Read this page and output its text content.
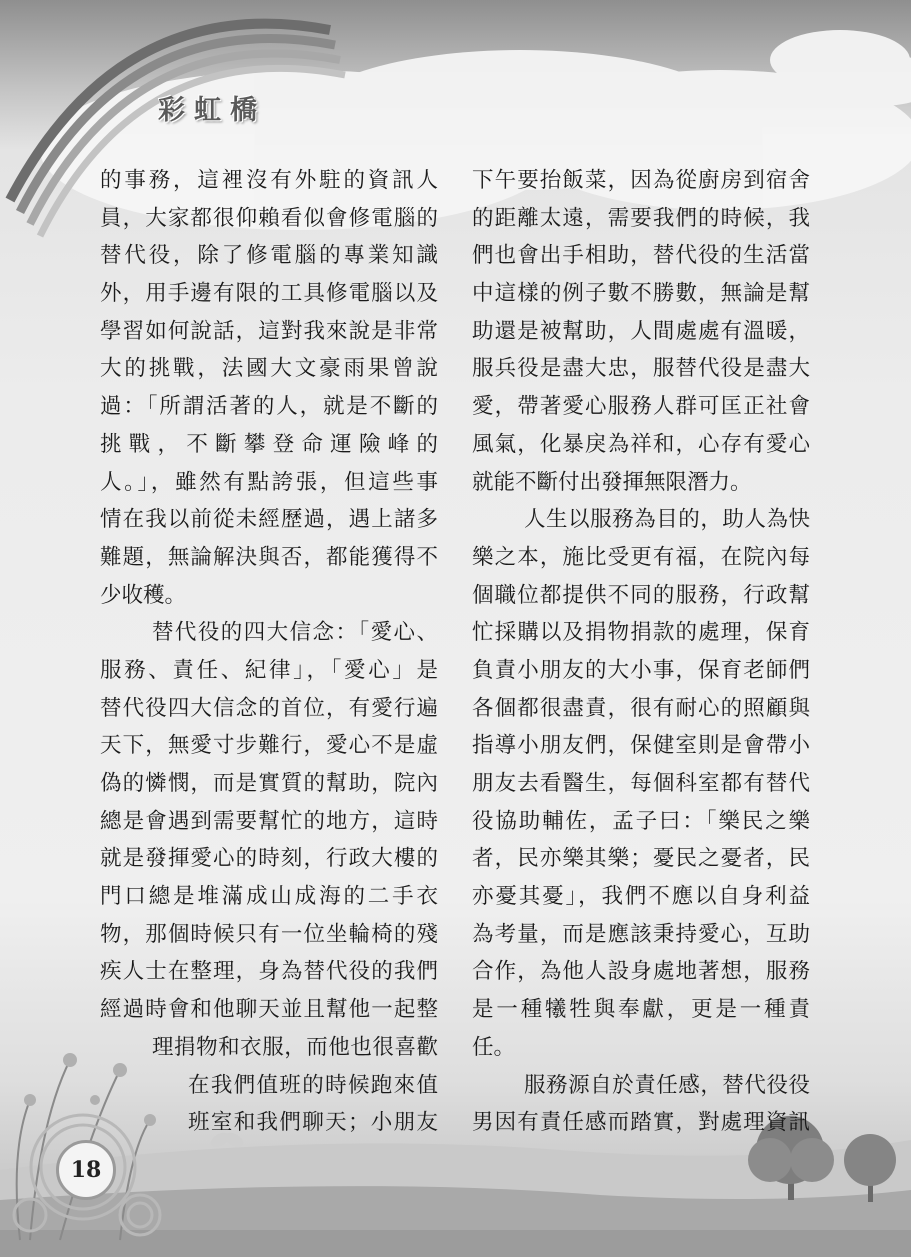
彩虹橋
的事務，這裡沒有外駐的資訊人
員，大家都很仰賴看似會修電腦的
替代役，除了修電腦的專業知識
外，用手邊有限的工具修電腦以及
學習如何說話，這對我來說是非常
大的挑戰，法國大文豪雨果曾說
過：「所謂活著的人，就是不斷的
挑戰，不斷攀登命運險峰的
人。」，雖然有點誇張，但這些事
情在我以前從未經歷過，遇上諸多
難題，無論解決與否，都能獲得不
少收穫。
替代役的四大信念：「愛心、
服務、責任、紀律」，「愛心」是
替代役四大信念的首位，有愛行遍
天下，無愛寸步難行，愛心不是虛
偽的憐憫，而是實質的幫助，院內
總是會遇到需要幫忙的地方，這時
就是發揮愛心的時刻，行政大樓的
門口總是堆滿成山成海的二手衣
物，那個時候只有一位坐輪椅的殘
疾人士在整理，身為替代役的我們
經過時會和他聊天並且幫他一起整
理捐物和衣服，而他也很喜歡
在我們值班的時候跑來值
班室和我們聊天；小朋友
下午要抬飯菜，因為從廚房到宿舍
的距離太遠，需要我們的時候，我
們也會出手相助，替代役的生活當
中這樣的例子數不勝數，無論是幫
助還是被幫助，人間處處有溫暖，
服兵役是盡大忠，服替代役是盡大
愛，帶著愛心服務人群可匡正社會
風氣，化暴戾為祥和，心存有愛心
就能不斷付出發揮無限潛力。
人生以服務為目的，助人為快
樂之本，施比受更有福，在院內每
個職位都提供不同的服務，行政幫
忙採購以及捐物捐款的處理，保育
負責小朋友的大小事，保育老師們
各個都很盡責，很有耐心的照顧與
指導小朋友們，保健室則是會帶小
朋友去看醫生，每個科室都有替代
役協助輔佐，孟子曰：「樂民之樂
者，民亦樂其樂；憂民之憂者，民
亦憂其憂」，我們不應以自身利益
為考量，而是應該秉持愛心，互助
合作，為他人設身處地著想，服務
是一種犧牲與奉獻，更是一種責
任。
服務源自於責任感，替代役役
男因有責任感而踏實，對處理資訊
18
